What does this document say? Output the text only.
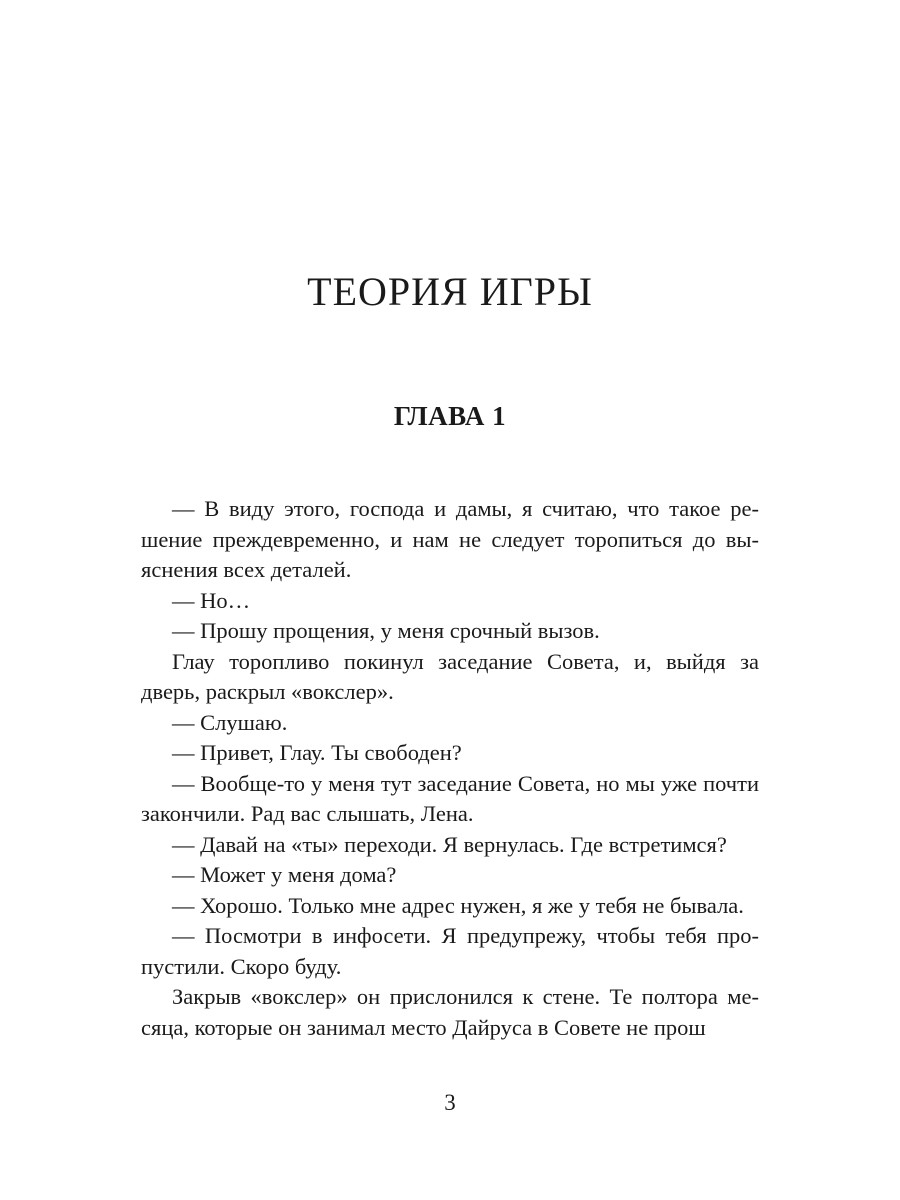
ТЕОРИЯ ИГРЫ
ГЛАВА 1

— В виду этого, господа и дамы, я считаю, что такое решение преждевременно, и нам не следует торопиться до выяснения всех деталей.

— Но…

— Прошу прощения, у меня срочный вызов.

Глау торопливо покинул заседание Совета, и, выйдя за дверь, раскрыл «вокслер».

— Слушаю.

— Привет, Глау. Ты свободен?

— Вообще-то у меня тут заседание Совета, но мы уже почти закончили. Рад вас слышать, Лена.

— Давай на «ты» переходи. Я вернулась. Где встретимся?

— Может у меня дома?

— Хорошо. Только мне адрес нужен, я же у тебя не бывала.

— Посмотри в инфосети. Я предупрежу, чтобы тебя пропустили. Скоро буду.

Закрыв «вокслер» он прислонился к стене. Те полтора месяца, которые он занимал место Дайруса в Совете не прош

3
